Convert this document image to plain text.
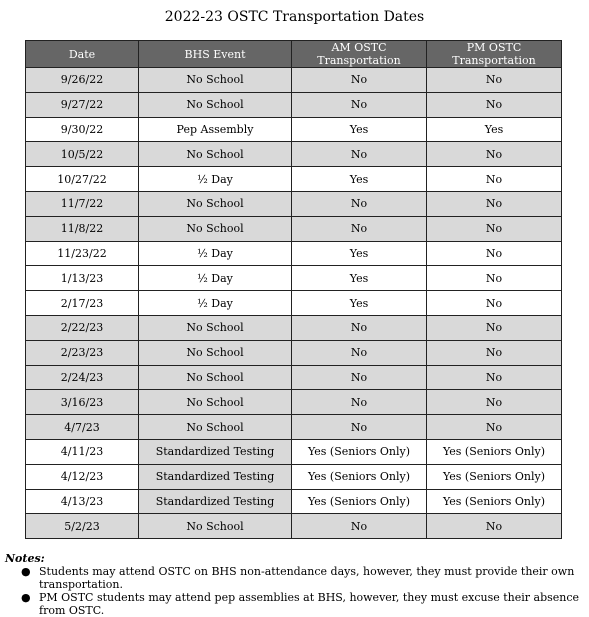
2022-23 OSTC Transportation Dates
Date	BHS Event	AM OSTC Transportation	PM OSTC Transportation
9/26/22	No School	No	No
9/27/22	No School	No	No
9/30/22	Pep Assembly	Yes	Yes
10/5/22	No School	No	No
10/27/22	½ Day	Yes	No
11/7/22	No School	No	No
11/8/22	No School	No	No
11/23/22	½ Day	Yes	No
1/13/23	½ Day	Yes	No
2/17/23	½ Day	Yes	No
2/22/23	No School	No	No
2/23/23	No School	No	No
2/24/23	No School	No	No
3/16/23	No School	No	No
4/7/23	No School	No	No
4/11/23	Standardized Testing	Yes (Seniors Only)	Yes (Seniors Only)
4/12/23	Standardized Testing	Yes (Seniors Only)	Yes (Seniors Only)
4/13/23	Standardized Testing	Yes (Seniors Only)	Yes (Seniors Only)
5/2/23	No School	No	No
Notes:
● Students may attend OSTC on BHS non-attendance days, however, they must provide their own transportation.
● PM OSTC students may attend pep assemblies at BHS, however, they must excuse their absence from OSTC.
